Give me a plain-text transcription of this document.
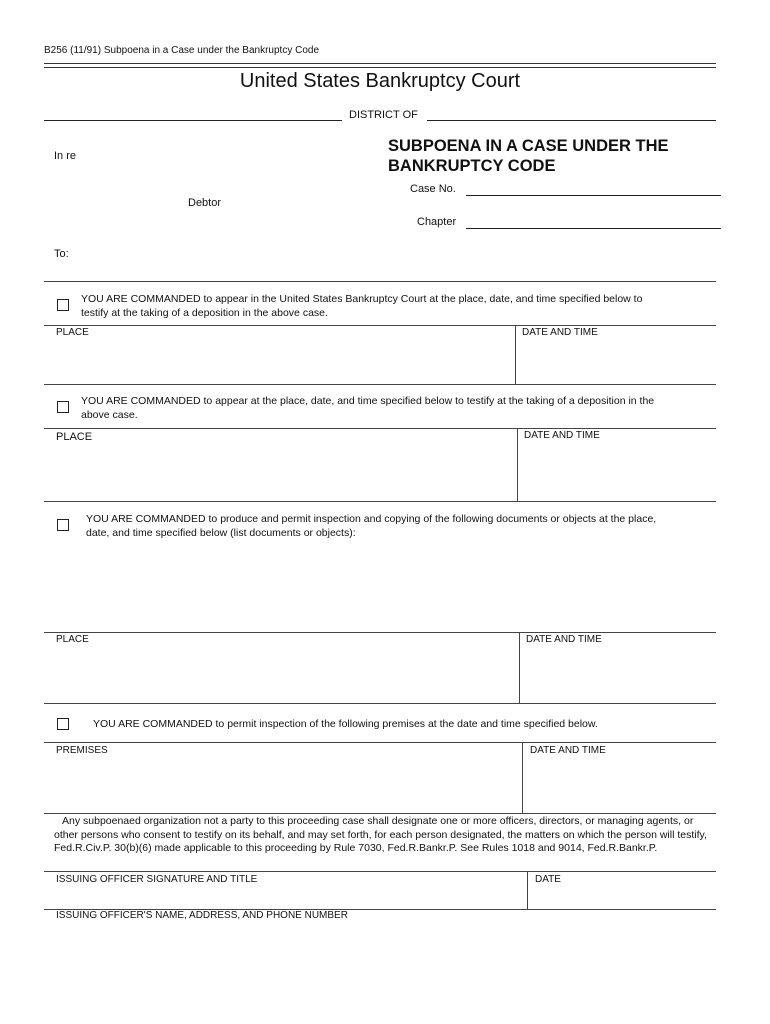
B256 (11/91) Subpoena in a Case under the Bankruptcy Code
United States Bankruptcy Court
DISTRICT OF
In re
SUBPOENA IN A CASE UNDER THE
BANKRUPTCY CODE
Debtor
Case No.
Chapter
To:
YOU ARE COMMANDED to appear in the United States Bankruptcy Court at the place, date, and time specified below to
testify at the taking of a deposition in the above case.
PLACE	DATE AND TIME
YOU ARE COMMANDED to appear at the place, date, and time specified below to testify at the taking of a deposition in the
above case.
PLACE	DATE AND TIME
YOU ARE COMMANDED to produce and permit inspection and copying of the following documents or objects at the place,
date, and time specified below (list documents or objects):
PLACE	DATE AND TIME
YOU ARE COMMANDED to permit inspection of the following premises at the date and time specified below.
PREMISES	DATE AND TIME
Any subpoenaed organization not a party to this proceeding case shall designate one or more officers, directors, or managing agents, or other persons who consent to testify on its behalf, and may set forth, for each person designated, the matters on which the person will testify, Fed.R.Civ.P. 30(b)(6) made applicable to this proceeding by Rule 7030, Fed.R.Bankr.P. See Rules 1018 and 9014, Fed.R.Bankr.P.
ISSUING OFFICER SIGNATURE AND TITLE	DATE
ISSUING OFFICER'S NAME, ADDRESS, AND PHONE NUMBER
